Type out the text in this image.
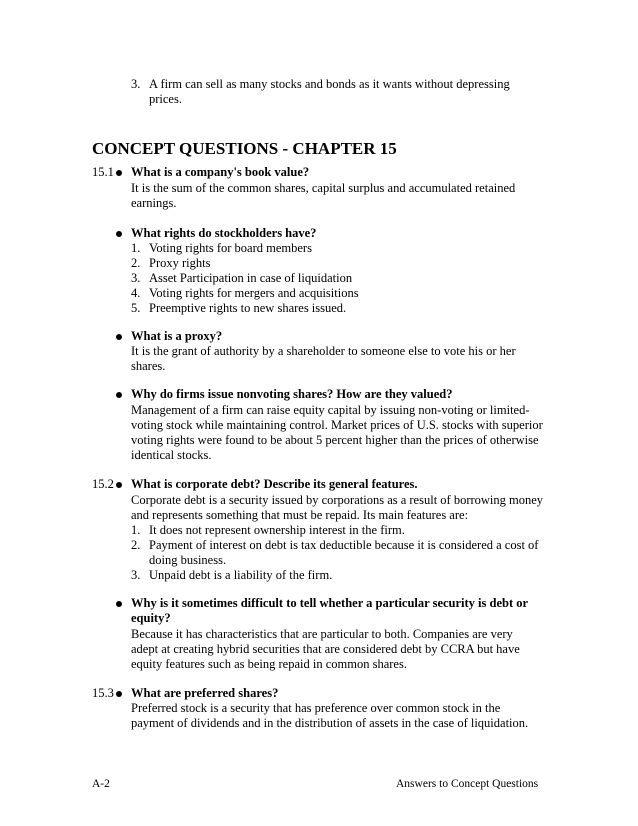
3. A firm can sell as many stocks and bonds as it wants without depressing
prices.
CONCEPT QUESTIONS - CHAPTER 15
15.1 What is a company's book value?
It is the sum of the common shares, capital surplus and accumulated retained
earnings.
What rights do stockholders have?
1. Voting rights for board members
2. Proxy rights
3. Asset Participation in case of liquidation
4. Voting rights for mergers and acquisitions
5. Preemptive rights to new shares issued.
What is a proxy?
It is the grant of authority by a shareholder to someone else to vote his or her
shares.
Why do firms issue nonvoting shares? How are they valued?
Management of a firm can raise equity capital by issuing non-voting or limited-
voting stock while maintaining control. Market prices of U.S. stocks with superior
voting rights were found to be about 5 percent higher than the prices of otherwise
identical stocks.
15.2 What is corporate debt? Describe its general features.
Corporate debt is a security issued by corporations as a result of borrowing money
and represents something that must be repaid. Its main features are:
1. It does not represent ownership interest in the firm.
2. Payment of interest on debt is tax deductible because it is considered a cost of
doing business.
3. Unpaid debt is a liability of the firm.
Why is it sometimes difficult to tell whether a particular security is debt or
equity?
Because it has characteristics that are particular to both. Companies are very
adept at creating hybrid securities that are considered debt by CCRA but have
equity features such as being repaid in common shares.
15.3 What are preferred shares?
Preferred stock is a security that has preference over common stock in the
payment of dividends and in the distribution of assets in the case of liquidation.
A-2	Answers to Concept Questions
